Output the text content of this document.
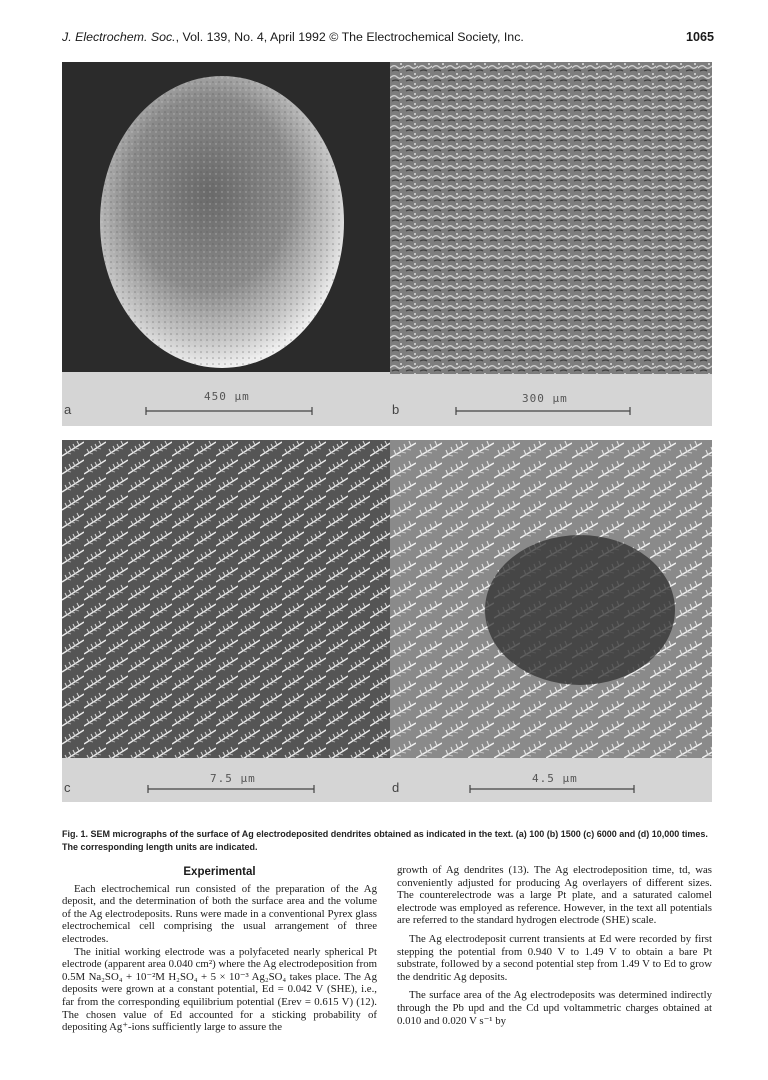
J. Electrochem. Soc., Vol. 139, No. 4, April 1992 © The Electrochemical Society, Inc.	1065
a
450 µm
b
300 µm
c
7.5 µm
d
4.5 µm
Fig. 1. SEM micrographs of the surface of Ag electrodeposited dendrites obtained as indicated in the text. (a) 100 (b) 1500 (c) 6000 and (d) 10,000 times. The corresponding length units are indicated.
Experimental

Each electrochemical run consisted of the preparation of the Ag deposit, and the determination of both the surface area and the volume of the Ag electrodeposits. Runs were made in a conventional Pyrex glass electrochemical cell comprising the usual arrangement of three electrodes.

The initial working electrode was a polyfaceted nearly spherical Pt electrode (apparent area 0.040 cm²) where the Ag electrodeposition from 0.5M Na₂SO₄ + 10⁻²M H₂SO₄ + 5 × 10⁻³ Ag₂SO₄ takes place. The Ag deposits were grown at a constant potential, Ed = 0.042 V (SHE), i.e., far from the corresponding equilibrium potential (Erev = 0.615 V) (12). The chosen value of Ed accounted for a sticking probability of depositing Ag⁺-ions sufficiently large to assure the

growth of Ag dendrites (13). The Ag electrodeposition time, td, was conveniently adjusted for producing Ag overlayers of different sizes. The counterelectrode was a large Pt plate, and a saturated calomel electrode was employed as reference. However, in the text all potentials are referred to the standard hydrogen electrode (SHE) scale.

The Ag electrodeposit current transients at Ed were recorded by first stepping the potential from 0.940 V to 1.49 V to obtain a bare Pt substrate, followed by a second potential step from 1.49 V to Ed to grow the dendritic Ag deposits.

The surface area of the Ag electrodeposits was determined indirectly through the Pb upd and the Cd upd voltammetric charges obtained at 0.010 and 0.020 V s⁻¹ by
